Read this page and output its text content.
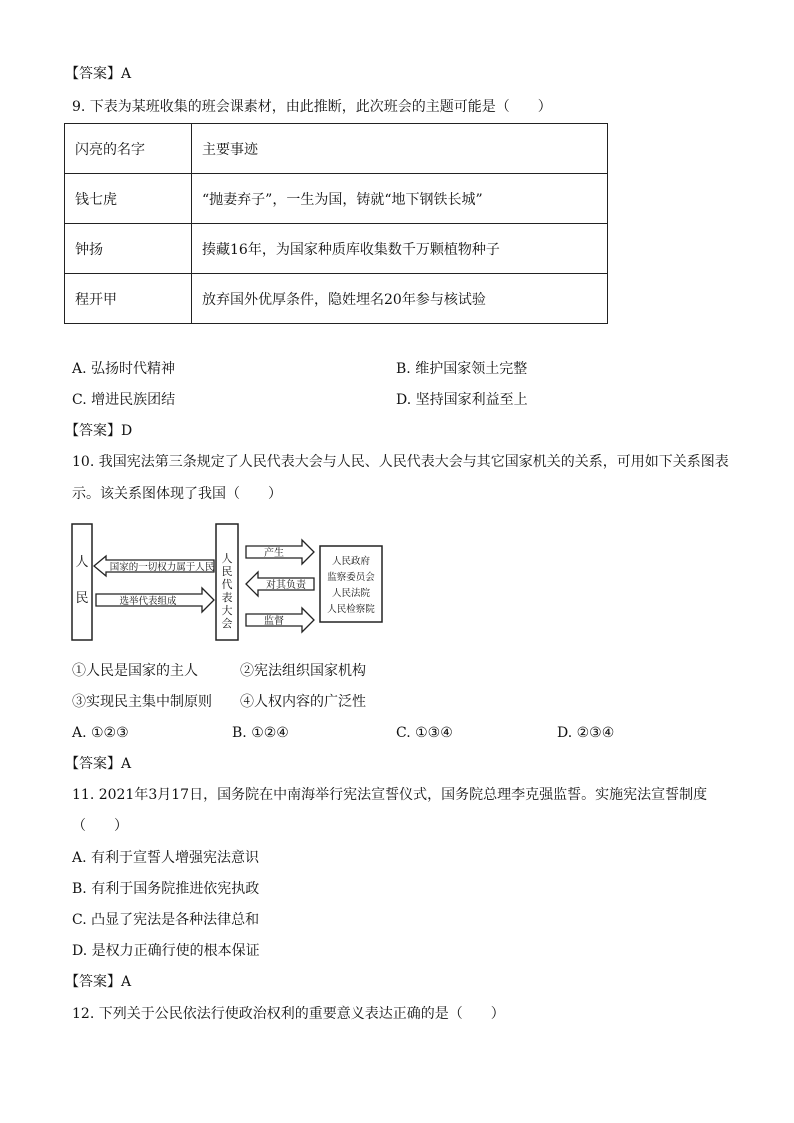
【答案】A
9. 下表为某班收集的班会课素材，由此推断，此次班会的主题可能是（　　）
闪亮的名字	主要事迹
钱七虎	“抛妻弃子”，一生为国，铸就“地下钢铁长城”
钟扬	揍藏16年，为国家种质库收集数千万颗植物种子
程开甲	放弃国外优厚条件，隐姓埋名20年参与核试验
A. 弘扬时代精神	B. 维护国家领土完整
C. 增进民族团结	D. 坚持国家利益至上
【答案】D
10. 我国宪法第三条规定了人民代表大会与人民、人民代表大会与其它国家机关的关系，可用如下关系图表
示。该关系图体现了我国（　　）
人
民
国家的一切权力属于人民
选举代表组成
人
民
代
表
大
会
产生
对其负责
监督
人民政府
监察委员会
人民法院
人民检察院
①人民是国家的主人	②宪法组织国家机构
③实现民主集中制原则 ④人权内容的广泛性
A. ①②③	B. ①②④	C. ①③④	D. ②③④
【答案】A
11. 2021年3月17日，国务院在中南海举行宪法宣誓仪式，国务院总理李克强监誓。实施宪法宣誓制度
（　　）
A. 有利于宣誓人增强宪法意识
B. 有利于国务院推进依宪执政
C. 凸显了宪法是各种法律总和
D. 是权力正确行使的根本保证
【答案】A
12. 下列关于公民依法行使政治权利的重要意义表达正确的是（　　）
